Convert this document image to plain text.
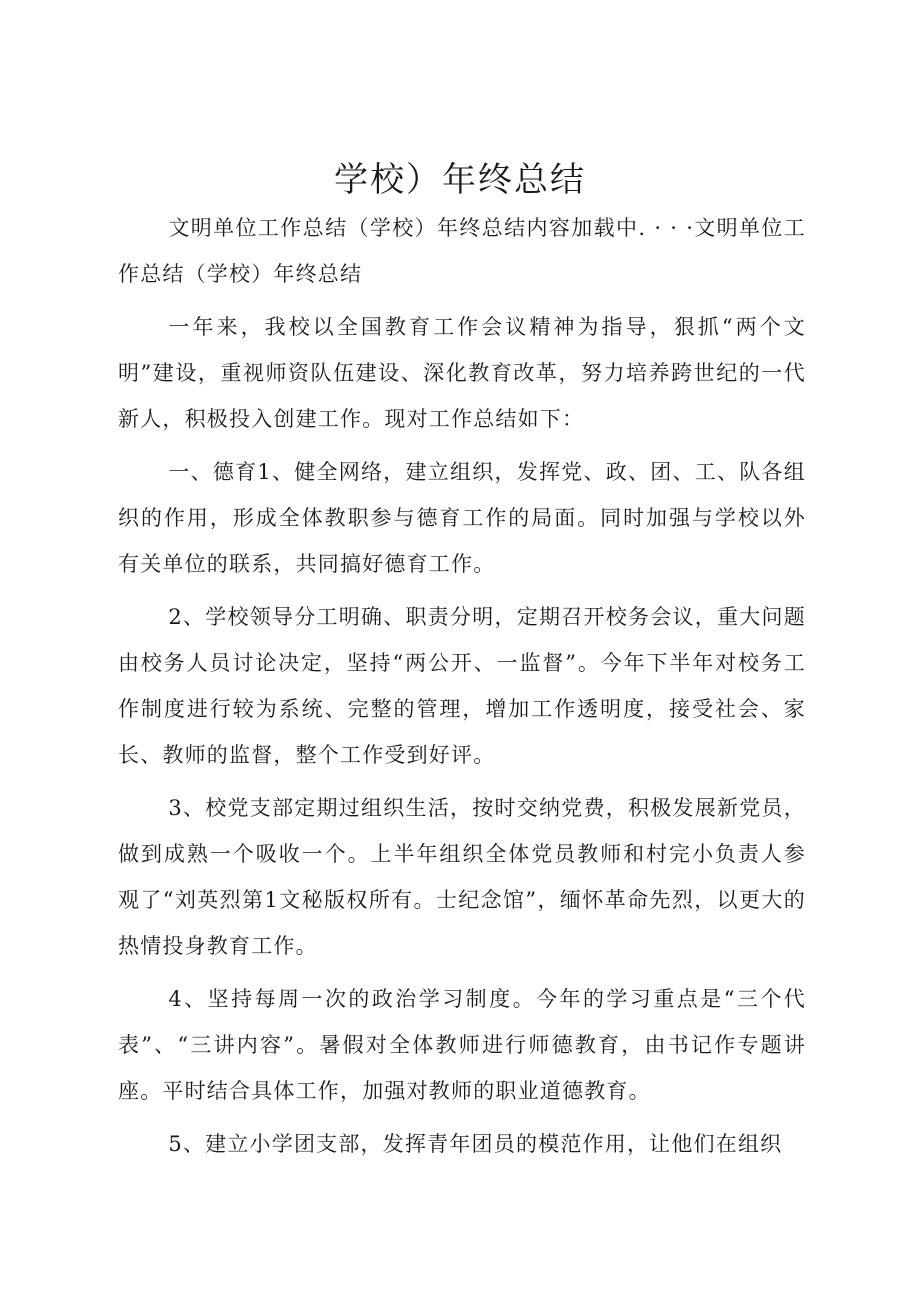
学校）年终总结

文明单位工作总结（学校）年终总结内容加载中. · · ·文明单位工作总结（学校）年终总结

一年来，我校以全国教育工作会议精神为指导，狠抓“两个文明”建设，重视师资队伍建设、深化教育改革，努力培养跨世纪的一代新人，积极投入创建工作。现对工作总结如下：

一、德育1、健全网络，建立组织，发挥党、政、团、工、队各组织的作用，形成全体教职参与德育工作的局面。同时加强与学校以外有关单位的联系，共同搞好德育工作。

2、学校领导分工明确、职责分明，定期召开校务会议，重大问题由校务人员讨论决定，坚持“两公开、一监督”。今年下半年对校务工作制度进行较为系统、完整的管理，增加工作透明度，接受社会、家长、教师的监督，整个工作受到好评。

3、校党支部定期过组织生活，按时交纳党费，积极发展新党员，做到成熟一个吸收一个。上半年组织全体党员教师和村完小负责人参观了“刘英烈第1文秘版权所有。士纪念馆”，缅怀革命先烈，以更大的热情投身教育工作。

4、坚持每周一次的政治学习制度。今年的学习重点是“三个代表”、“三讲内容”。暑假对全体教师进行师德教育，由书记作专题讲座。平时结合具体工作，加强对教师的职业道德教育。

5、建立小学团支部，发挥青年团员的模范作用，让他们在组织
